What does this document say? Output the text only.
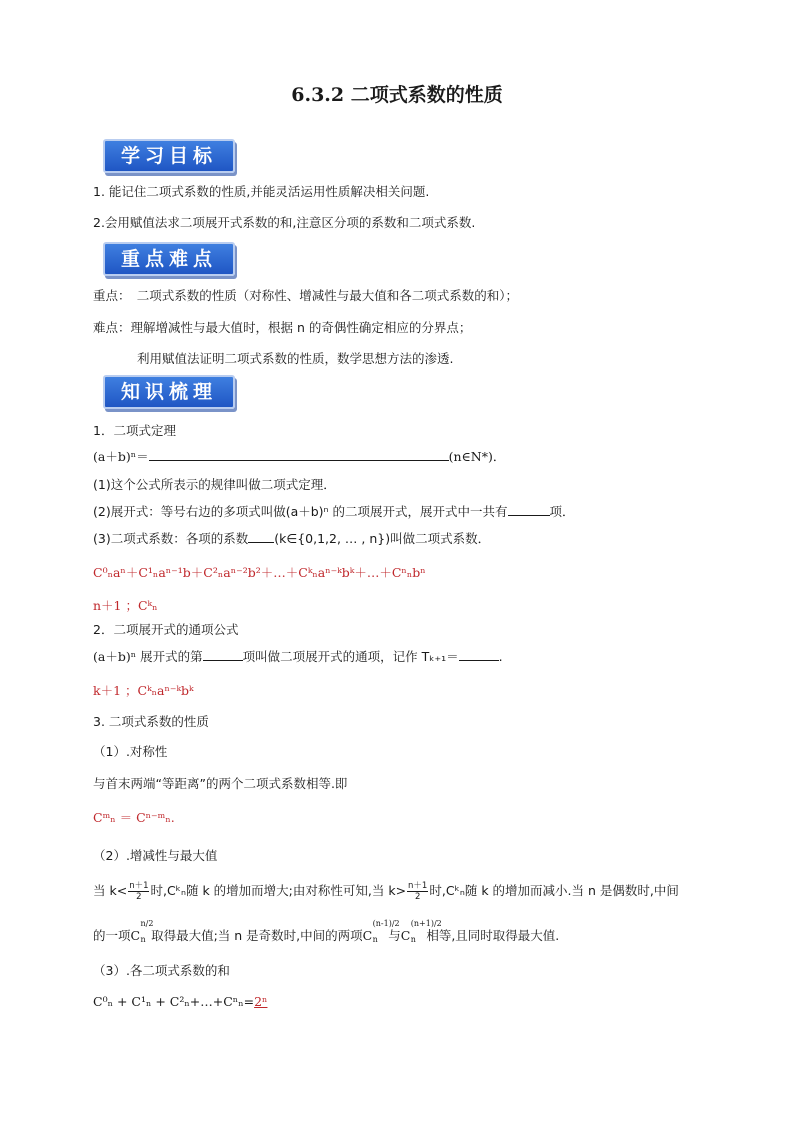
6.3.2 二项式系数的性质
学习目标
1. 能记住二项式系数的性质,并能灵活运用性质解决相关问题.
2.会用赋值法求二项展开式系数的和,注意区分项的系数和二项式系数.
重点难点
重点：　二项式系数的性质（对称性、增减性与最大值和各二项式系数的和）；
难点：理解增减性与最大值时，根据 n 的奇偶性确定相应的分界点；
利用赋值法证明二项式系数的性质，数学思想方法的渗透.
知识梳理
1．二项式定理
(a＋b)ⁿ＝	(n∈N*)．
(1)这个公式所表示的规律叫做二项式定理．
(2)展开式：等号右边的多项式叫做(a＋b)ⁿ 的二项展开式，展开式中一共有	项．
(3)二项式系数：各项的系数 (k∈{0,1,2, … , n})叫做二项式系数．
C⁰ₙaⁿ＋C¹ₙaⁿ⁻¹b＋C²ₙaⁿ⁻²b²＋…＋Cᵏₙaⁿ⁻ᵏbᵏ＋…＋Cⁿₙbⁿ
n＋1 ；Cᵏₙ
2．二项展开式的通项公式
(a＋b)ⁿ 展开式的第	项叫做二项展开式的通项，记作 Tₖ₊₁＝	.
k＋1 ；Cᵏₙaⁿ⁻ᵏbᵏ
3. 二项式系数的性质
（1）.对称性
与首末两端“等距离”的两个二项式系数相等.即
Cᵐₙ ＝ Cⁿ⁻ᵐₙ.
（2）.增减性与最大值
当 $k< \frac{n+1}{2}$ 时,Cᵏₙ随 k 的增加而增大;由对称性可知,当 $k> \frac{n+1}{2}$ 时,Cᵏₙ随 k 的增加而减小.当 n 是偶数时,中间
的一项C
n/2
n 取得最大值;当 n 是奇数时,中间的两项C
(n-1)/2
n 与C
(n+1)/2
n 相等,且同时取得最大值.
（3）.各二项式系数的和
C⁰ₙ + C¹ₙ + C²ₙ+…+Cⁿₙ=2ⁿ
